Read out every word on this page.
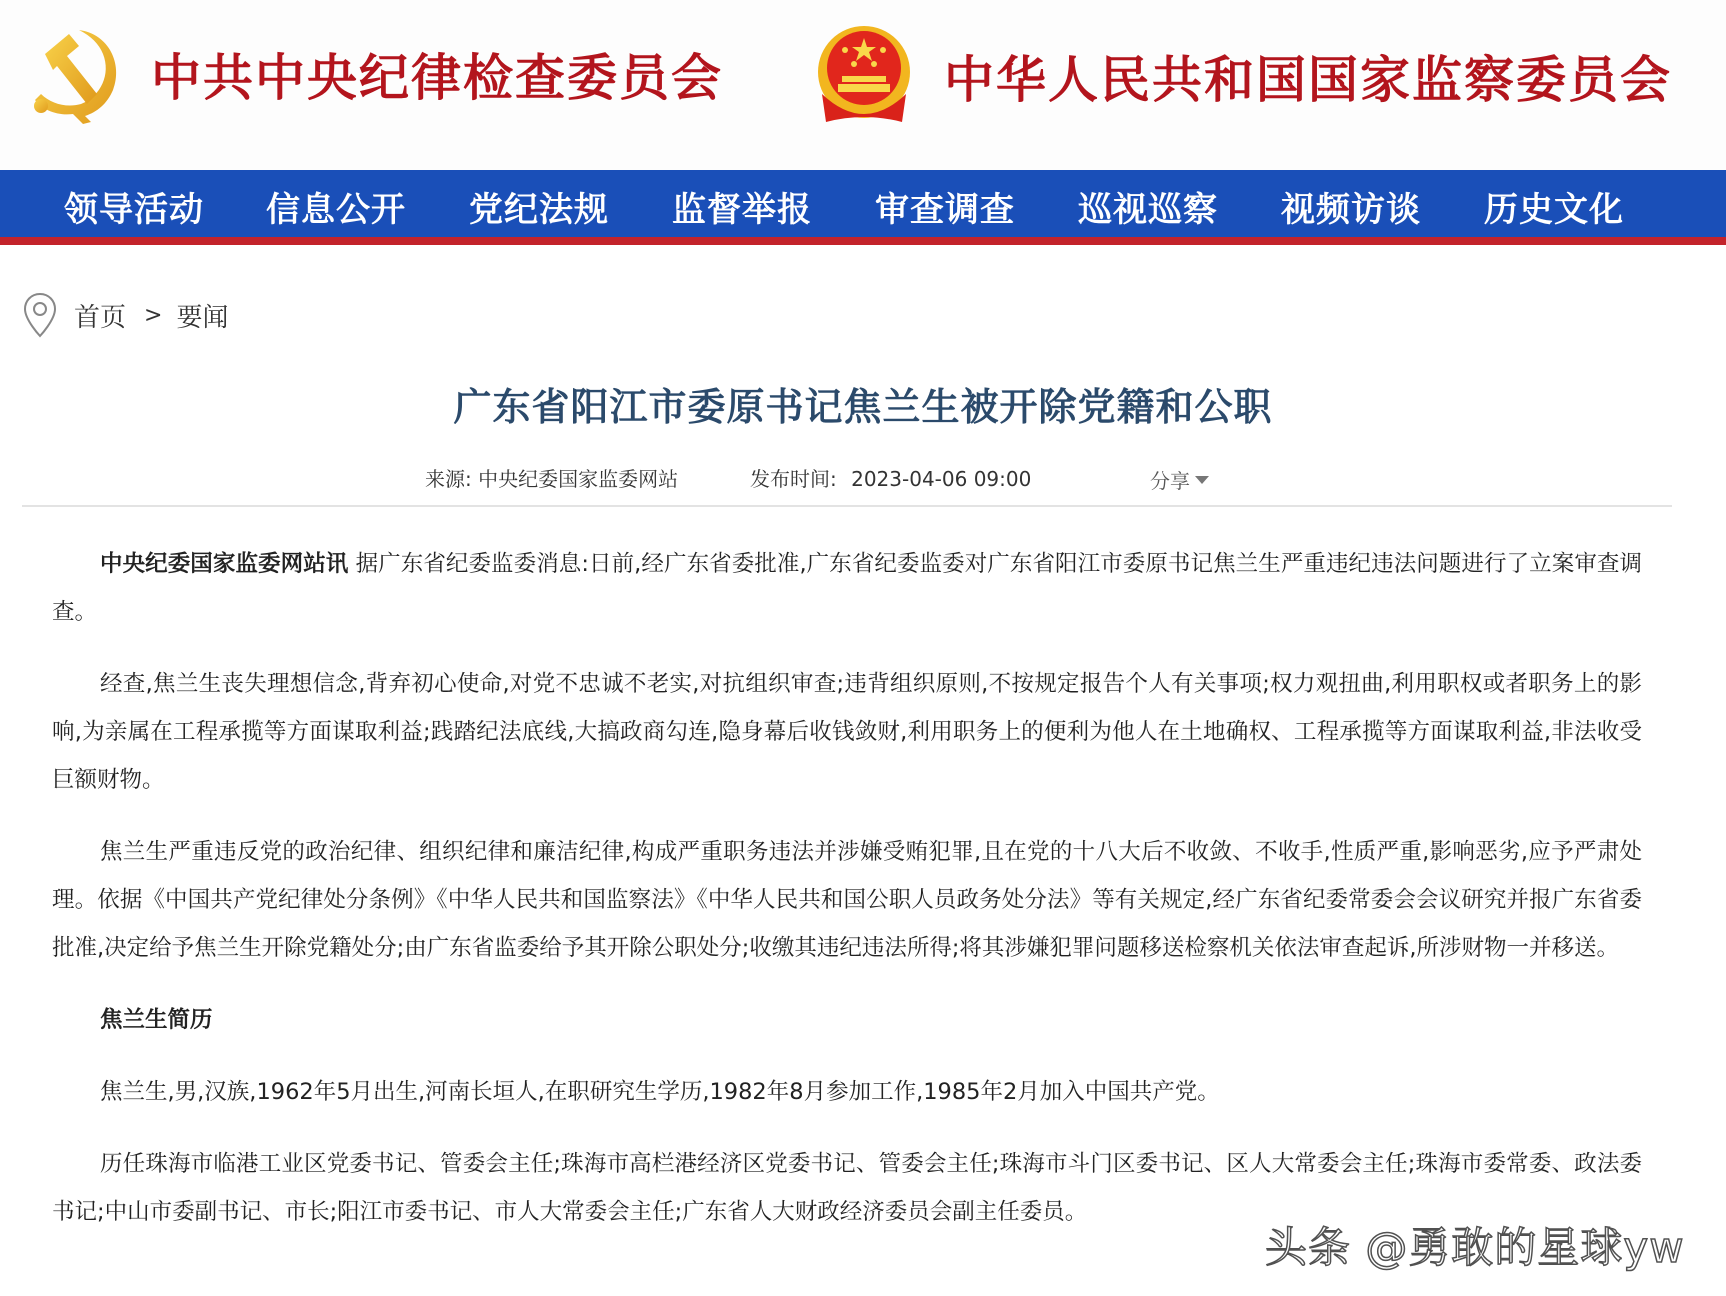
中共中央纪律检查委员会	中华人民共和国国家监察委员会
领导活动 信息公开 党纪法规 监督举报 审查调查 巡视巡察 视频访谈 历史文化
首页 > 要闻
广东省阳江市委原书记焦兰生被开除党籍和公职
来源: 中央纪委国家监委网站	发布时间: 2023-04-06 09:00	分享

中央纪委国家监委网站讯 据广东省纪委监委消息:日前,经广东省委批准,广东省纪委监委对广东省阳江市委原书记焦兰生严重违纪违法问题进行了立案审查调查。

经查,焦兰生丧失理想信念,背弃初心使命,对党不忠诚不老实,对抗组织审查;违背组织原则,不按规定报告个人有关事项;权力观扭曲,利用职权或者职务上的影响,为亲属在工程承揽等方面谋取利益;践踏纪法底线,大搞政商勾连,隐身幕后收钱敛财,利用职务上的便利为他人在土地确权、工程承揽等方面谋取利益,非法收受巨额财物。

焦兰生严重违反党的政治纪律、组织纪律和廉洁纪律,构成严重职务违法并涉嫌受贿犯罪,且在党的十八大后不收敛、不收手,性质严重,影响恶劣,应予严肃处理。依据《中国共产党纪律处分条例》《中华人民共和国监察法》《中华人民共和国公职人员政务处分法》等有关规定,经广东省纪委常委会会议研究并报广东省委批准,决定给予焦兰生开除党籍处分;由广东省监委给予其开除公职处分;收缴其违纪违法所得;将其涉嫌犯罪问题移送检察机关依法审查起诉,所涉财物一并移送。

焦兰生简历

焦兰生,男,汉族,1962年5月出生,河南长垣人,在职研究生学历,1982年8月参加工作,1985年2月加入中国共产党。

历任珠海市临港工业区党委书记、管委会主任;珠海市高栏港经济区党委书记、管委会主任;珠海市斗门区委书记、区人大常委会主任;珠海市委常委、政法委书记;中山市委副书记、市长;阳江市委书记、市人大常委会主任;广东省人大财政经济委员会副主任委员。

头条 @勇敢的星球yw
